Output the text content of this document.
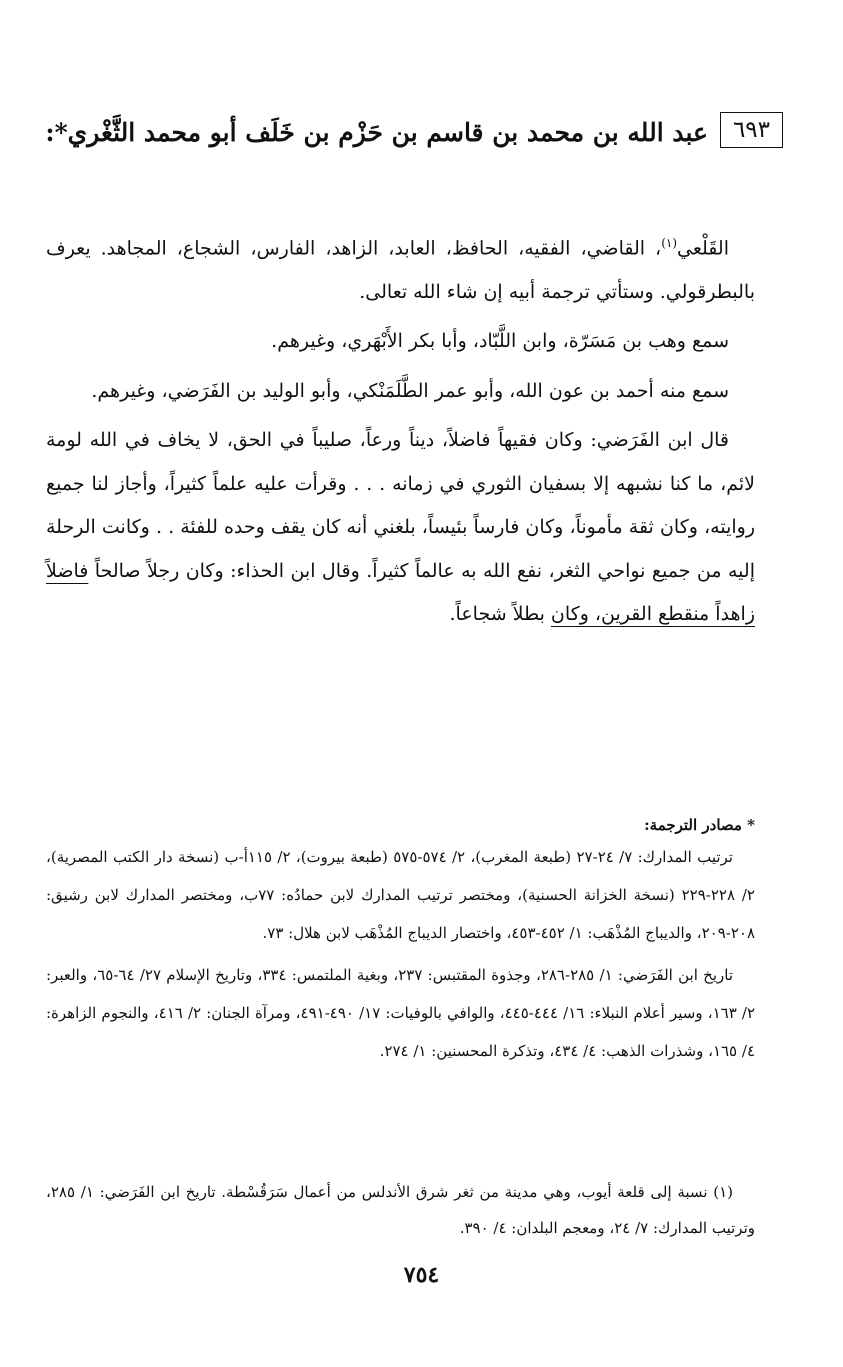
٦٩٣عبد الله بن محمد بن قاسم بن حَزْم بن خَلَف أبو محمد الثَّغْري*:

القَلْعي$^{(١)}$، القاضي، الفقيه، الحافظ، العابد، الزاهد، الفارس، الشجاع، المجاهد. يعرف بالبطرقولي. وستأتي ترجمة أبيه إن شاء الله تعالى.

سمع وهب بن مَسَرّة، وابن اللَّبّاد، وأبا بكر الأَبْهَري، وغيرهم.

سمع منه أحمد بن عون الله، وأبو عمر الطَّلَمَنْكي، وأبو الوليد بن الفَرَضي، وغيرهم.

قال ابن الفَرَضي: وكان فقيهاً فاضلاً، ديناً ورعاً، صليباً في الحق، لا يخاف في الله لومة لائم، ما كنا نشبهه إلا بسفيان الثوري في زمانه . . . وقرأت عليه علماً كثيراً، وأجاز لنا جميع روايته، وكان ثقة مأموناً، وكان فارساً بئيساً، بلغني أنه كان يقف وحده للفئة . . وكانت الرحلة إليه من جميع نواحي الثغر، نفع الله به عالماً كثيراً. وقال ابن الحذاء: وكان رجلاً صالحاً فاضلاً زاهداً منقطع القرين، وكان بطلاً شجاعاً.

* مصادر الترجمة:

ترتيب المدارك: ٧/ ٢٤-٢٧ (طبعة المغرب)، ٢/ ٥٧٤-٥٧٥ (طبعة بيروت)، ٢/ ١١٥أ-ب (نسخة دار الكتب المصرية)، ٢/ ٢٢٨-٢٢٩ (نسخة الخزانة الحسنية)، ومختصر ترتيب المدارك لابن حمادُه: ٧٧ب، ومختصر المدارك لابن رشيق: ٢٠٨-٢٠٩، والديباج المُذْهَب: ١/ ٤٥٢-٤٥٣، واختصار الديباج المُذْهَب لابن هلال: ٧٣.

تاريخ ابن الفَرَضي: ١/ ٢٨٥-٢٨٦، وجذوة المقتبس: ٢٣٧، وبغية الملتمس: ٣٣٤، وتاريخ الإسلام ٢٧/ ٦٤-٦٥، والعبر: ٢/ ١٦٣، وسير أعلام النبلاء: ١٦/ ٤٤٤-٤٤٥، والوافي بالوفيات: ١٧/ ٤٩٠-٤٩١، ومرآة الجنان: ٢/ ٤١٦، والنجوم الزاهرة: ٤/ ١٦٥، وشذرات الذهب: ٤/ ٤٣٤، وتذكرة المحسنين: ١/ ٢٧٤.

(١) نسبة إلى قلعة أيوب، وهي مدينة من ثغر شرق الأندلس من أعمال سَرَقُسْطة. تاريخ ابن الفَرَضي: ١/ ٢٨٥، وترتيب المدارك: ٧/ ٢٤، ومعجم البلدان: ٤/ ٣٩٠.

٧٥٤
